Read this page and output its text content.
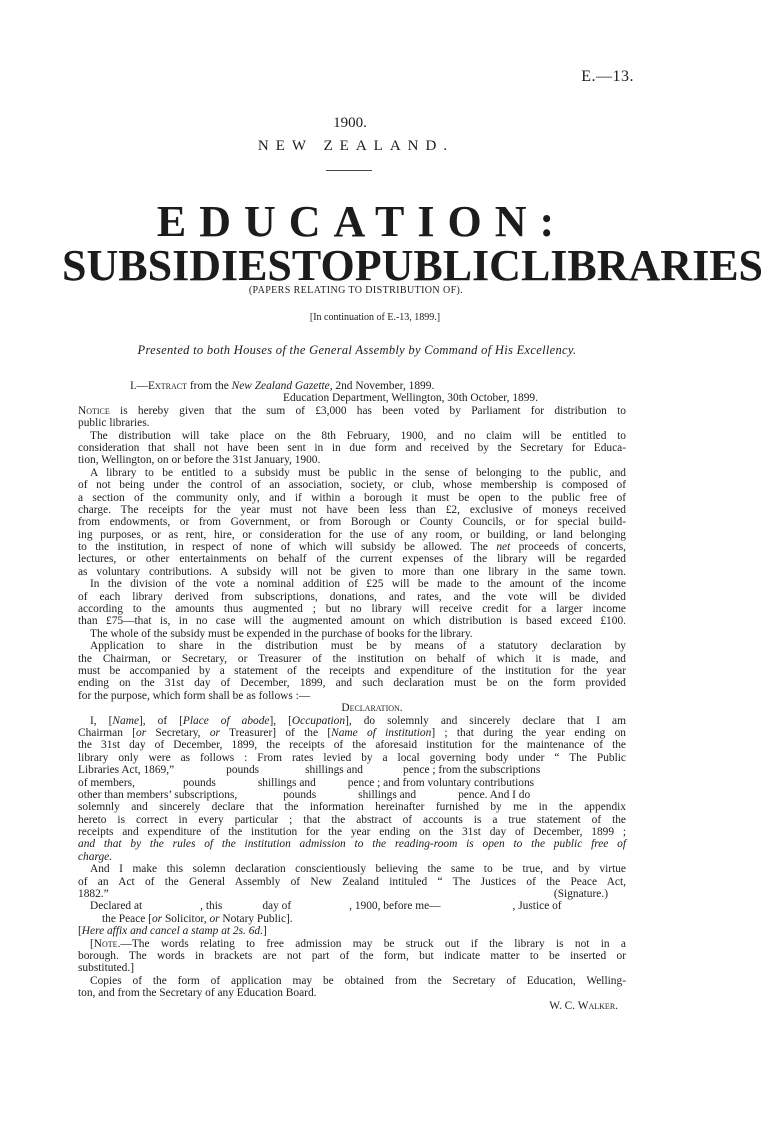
E.—13.
1900.
NEW ZEALAND.
EDUCATION:
SUBSIDIES TO PUBLIC LIBRARIES
(PAPERS RELATING TO DISTRIBUTION OF).
[In continuation of E.-13, 1899.]
Presented to both Houses of the General Assembly by Command of His Excellency.
I.—Extract from the New Zealand Gazette, 2nd November, 1899.
Education Department, Wellington, 30th October, 1899.
Notice is hereby given that the sum of £3,000 has been voted by Parliament for distribution to
public libraries.
The distribution will take place on the 8th February, 1900, and no claim will be entitled to
consideration that shall not have been sent in in due form and received by the Secretary for Educa-
tion, Wellington, on or before the 31st January, 1900.
A library to be entitled to a subsidy must be public in the sense of belonging to the public, and
of not being under the control of an association, society, or club, whose membership is composed of
a section of the community only, and if within a borough it must be open to the public free of
charge. The receipts for the year must not have been less than £2, exclusive of moneys received
from endowments, or from Government, or from Borough or County Councils, or for special build-
ing purposes, or as rent, hire, or consideration for the use of any room, or building, or land belonging
to the institution, in respect of none of which will subsidy be allowed. The net proceeds of concerts,
lectures, or other entertainments on behalf of the current expenses of the library will be regarded
as voluntary contributions. A subsidy will not be given to more than one library in the same town.
In the division of the vote a nominal addition of £25 will be made to the amount of the income
of each library derived from subscriptions, donations, and rates, and the vote will be divided
according to the amounts thus augmented ; but no library will receive credit for a larger income
than £75—that is, in no case will the augmented amount on which distribution is based exceed £100.
The whole of the subsidy must be expended in the purchase of books for the library.
Application to share in the distribution must be by means of a statutory declaration by
the Chairman, or Secretary, or Treasurer of the institution on behalf of which it is made, and
must be accompanied by a statement of the receipts and expenditure of the institution for the year
ending on the 31st day of December, 1899, and such declaration must be on the form provided
for the purpose, which form shall be as follows :—
Declaration.
I, [Name], of [Place of abode], [Occupation], do solemnly and sincerely declare that I am
Chairman [or Secretary, or Treasurer] of the [Name of institution] ; that during the year ending on
the 31st day of December, 1899, the receipts of the aforesaid institution for the maintenance of the
library only were as follows : From rates levied by a local governing body under “ The Public
Libraries Act, 1869,”	pounds	shillings and	pence ; from the subscriptions
of members,	pounds	shillings and	pence ; and from voluntary contributions
other than members’ subscriptions,	pounds	shillings and	pence. And I do
solemnly and sincerely declare that the information hereinafter furnished by me in the appendix
hereto is correct in every particular ; that the abstract of accounts is a true statement of the
receipts and expenditure of the institution for the year ending on the 31st day of December, 1899 ;
and that by the rules of the institution admission to the reading-room is open to the public free of
charge.
And I make this solemn declaration conscientiously believing the same to be true, and by virtue
of an Act of the General Assembly of New Zealand intituled “ The Justices of the Peace Act,
1882.”	(Signature.)
Declared at	, this	day of	, 1900, before me—	, Justice of
the Peace [or Solicitor, or Notary Public].
[Here affix and cancel a stamp at 2s. 6d.]
[Note.—The words relating to free admission may be struck out if the library is not in a
borough. The words in brackets are not part of the form, but indicate matter to be inserted or
substituted.]
Copies of the form of application may be obtained from the Secretary of Education, Welling-
ton, and from the Secretary of any Education Board.
W. C. Walker.
